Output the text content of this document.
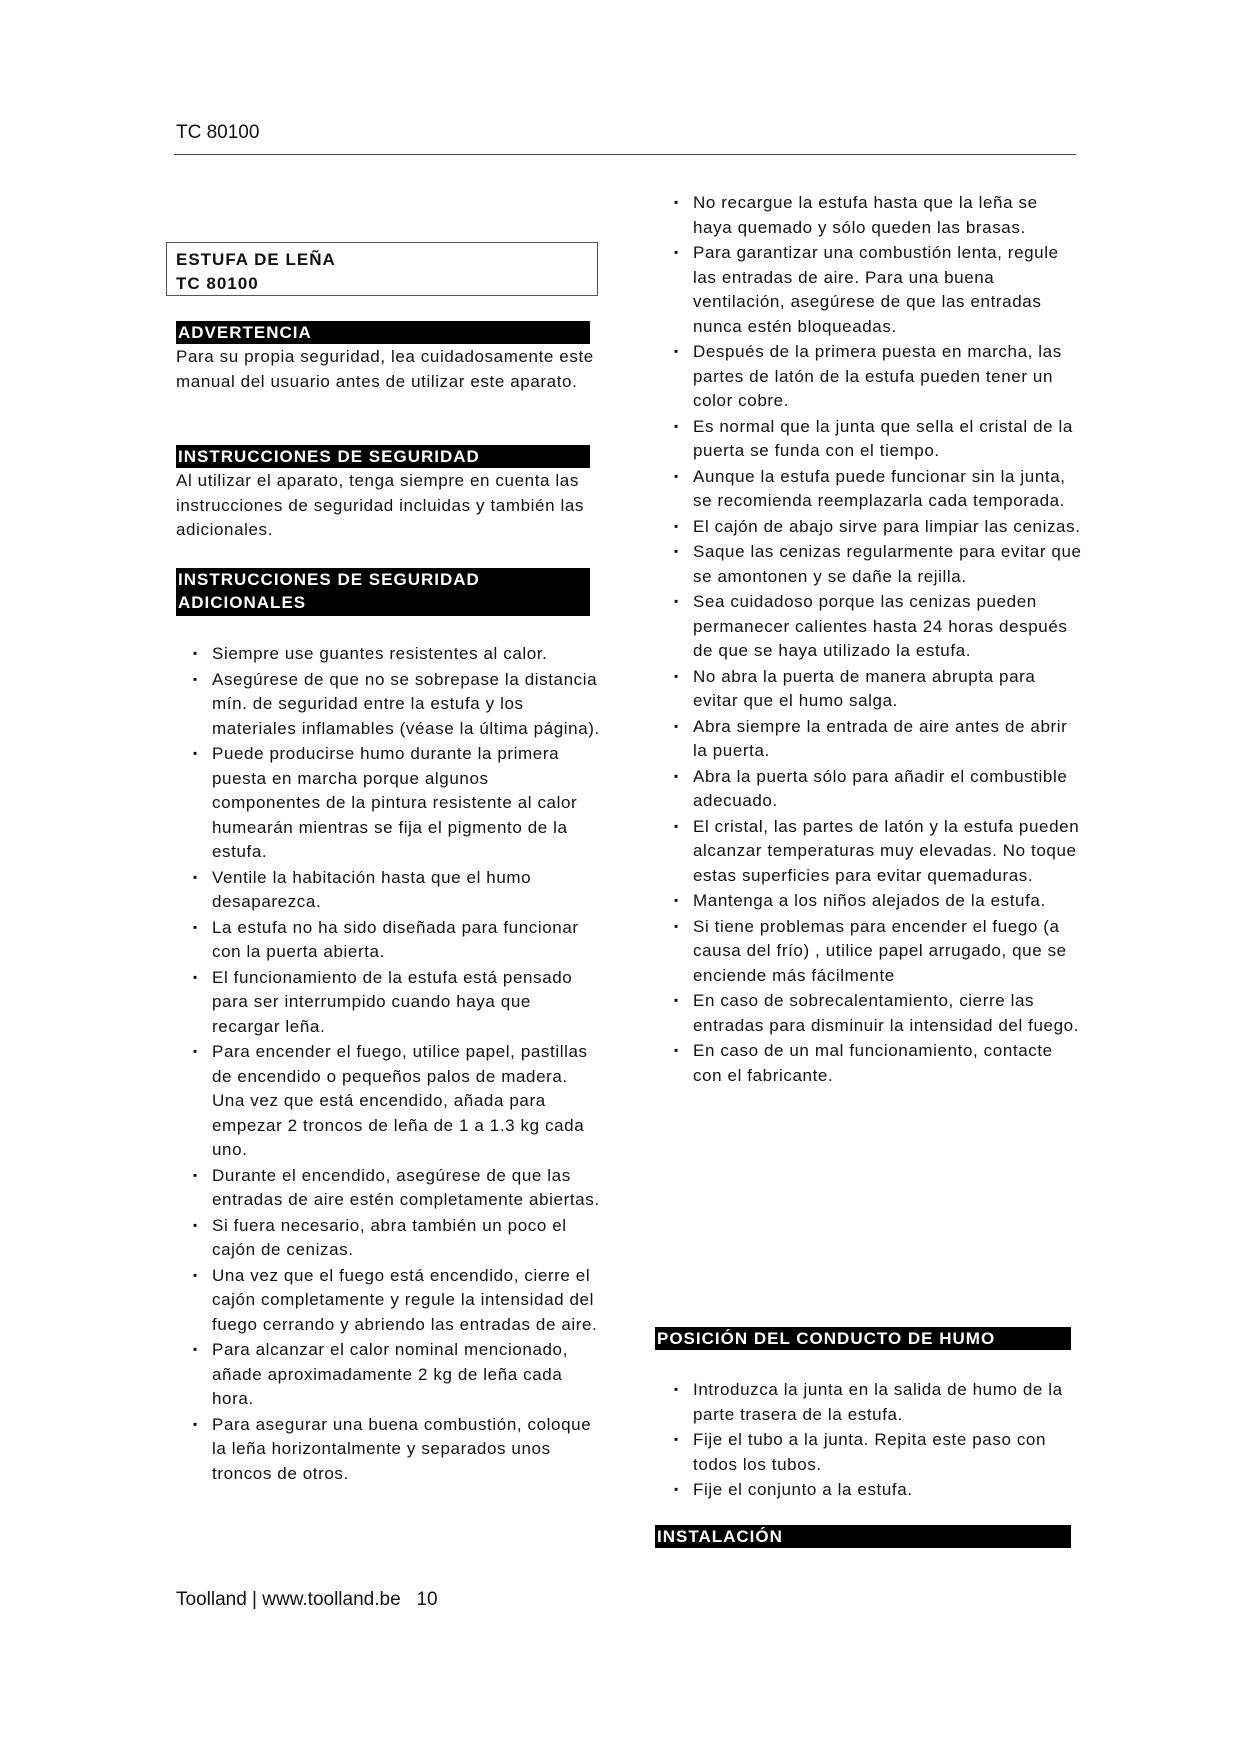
TC 80100
ESTUFA DE LEÑA
TC 80100
ADVERTENCIA
Para su propia seguridad, lea cuidadosamente este manual del usuario antes de utilizar este aparato.
INSTRUCCIONES DE SEGURIDAD
Al utilizar el aparato, tenga siempre en cuenta las instrucciones de seguridad incluidas y también las adicionales.
INSTRUCCIONES DE SEGURIDAD
ADICIONALES
▪ Siempre use guantes resistentes al calor.
▪ Asegúrese de que no se sobrepase la distancia mín. de seguridad entre la estufa y los materiales inflamables (véase la última página).
▪ Puede producirse humo durante la primera puesta en marcha porque algunos componentes de la pintura resistente al calor humearán mientras se fija el pigmento de la estufa.
▪ Ventile la habitación hasta que el humo desaparezca.
▪ La estufa no ha sido diseñada para funcionar con la puerta abierta.
▪ El funcionamiento de la estufa está pensado para ser interrumpido cuando haya que recargar leña.
▪ Para encender el fuego, utilice papel, pastillas de encendido o pequeños palos de madera. Una vez que está encendido, añada para empezar 2 troncos de leña de 1 a 1.3 kg cada uno.
▪ Durante el encendido, asegúrese de que las entradas de aire estén completamente abiertas.
▪ Si fuera necesario, abra también un poco el cajón de cenizas.
▪ Una vez que el fuego está encendido, cierre el cajón completamente y regule la intensidad del fuego cerrando y abriendo las entradas de aire.
▪ Para alcanzar el calor nominal mencionado, añade aproximadamente 2 kg de leña cada hora.
▪ Para asegurar una buena combustión, coloque la leña horizontalmente y separados unos troncos de otros.
▪ No recargue la estufa hasta que la leña se haya quemado y sólo queden las brasas.
▪ Para garantizar una combustión lenta, regule las entradas de aire. Para una buena ventilación, asegúrese de que las entradas nunca estén bloqueadas.
▪ Después de la primera puesta en marcha, las partes de latón de la estufa pueden tener un color cobre.
▪ Es normal que la junta que sella el cristal de la puerta se funda con el tiempo.
▪ Aunque la estufa puede funcionar sin la junta, se recomienda reemplazarla cada temporada.
▪ El cajón de abajo sirve para limpiar las cenizas.
▪ Saque las cenizas regularmente para evitar que se amontonen y se dañe la rejilla.
▪ Sea cuidadoso porque las cenizas pueden permanecer calientes hasta 24 horas después de que se haya utilizado la estufa.
▪ No abra la puerta de manera abrupta para evitar que el humo salga.
▪ Abra siempre la entrada de aire antes de abrir la puerta.
▪ Abra la puerta sólo para añadir el combustible adecuado.
▪ El cristal, las partes de latón y la estufa pueden alcanzar temperaturas muy elevadas. No toque estas superficies para evitar quemaduras.
▪ Mantenga a los niños alejados de la estufa.
▪ Si tiene problemas para encender el fuego (a causa del frío) , utilice papel arrugado, que se enciende más fácilmente
▪ En caso de sobrecalentamiento, cierre las entradas para disminuir la intensidad del fuego.
▪ En caso de un mal funcionamiento, contacte con el fabricante.
POSICIÓN DEL CONDUCTO DE HUMO
▪ Introduzca la junta en la salida de humo de la parte trasera de la estufa.
▪ Fije el tubo a la junta. Repita este paso con todos los tubos.
▪ Fije el conjunto a la estufa.
INSTALACIÓN
Toolland | www.toolland.be 10
